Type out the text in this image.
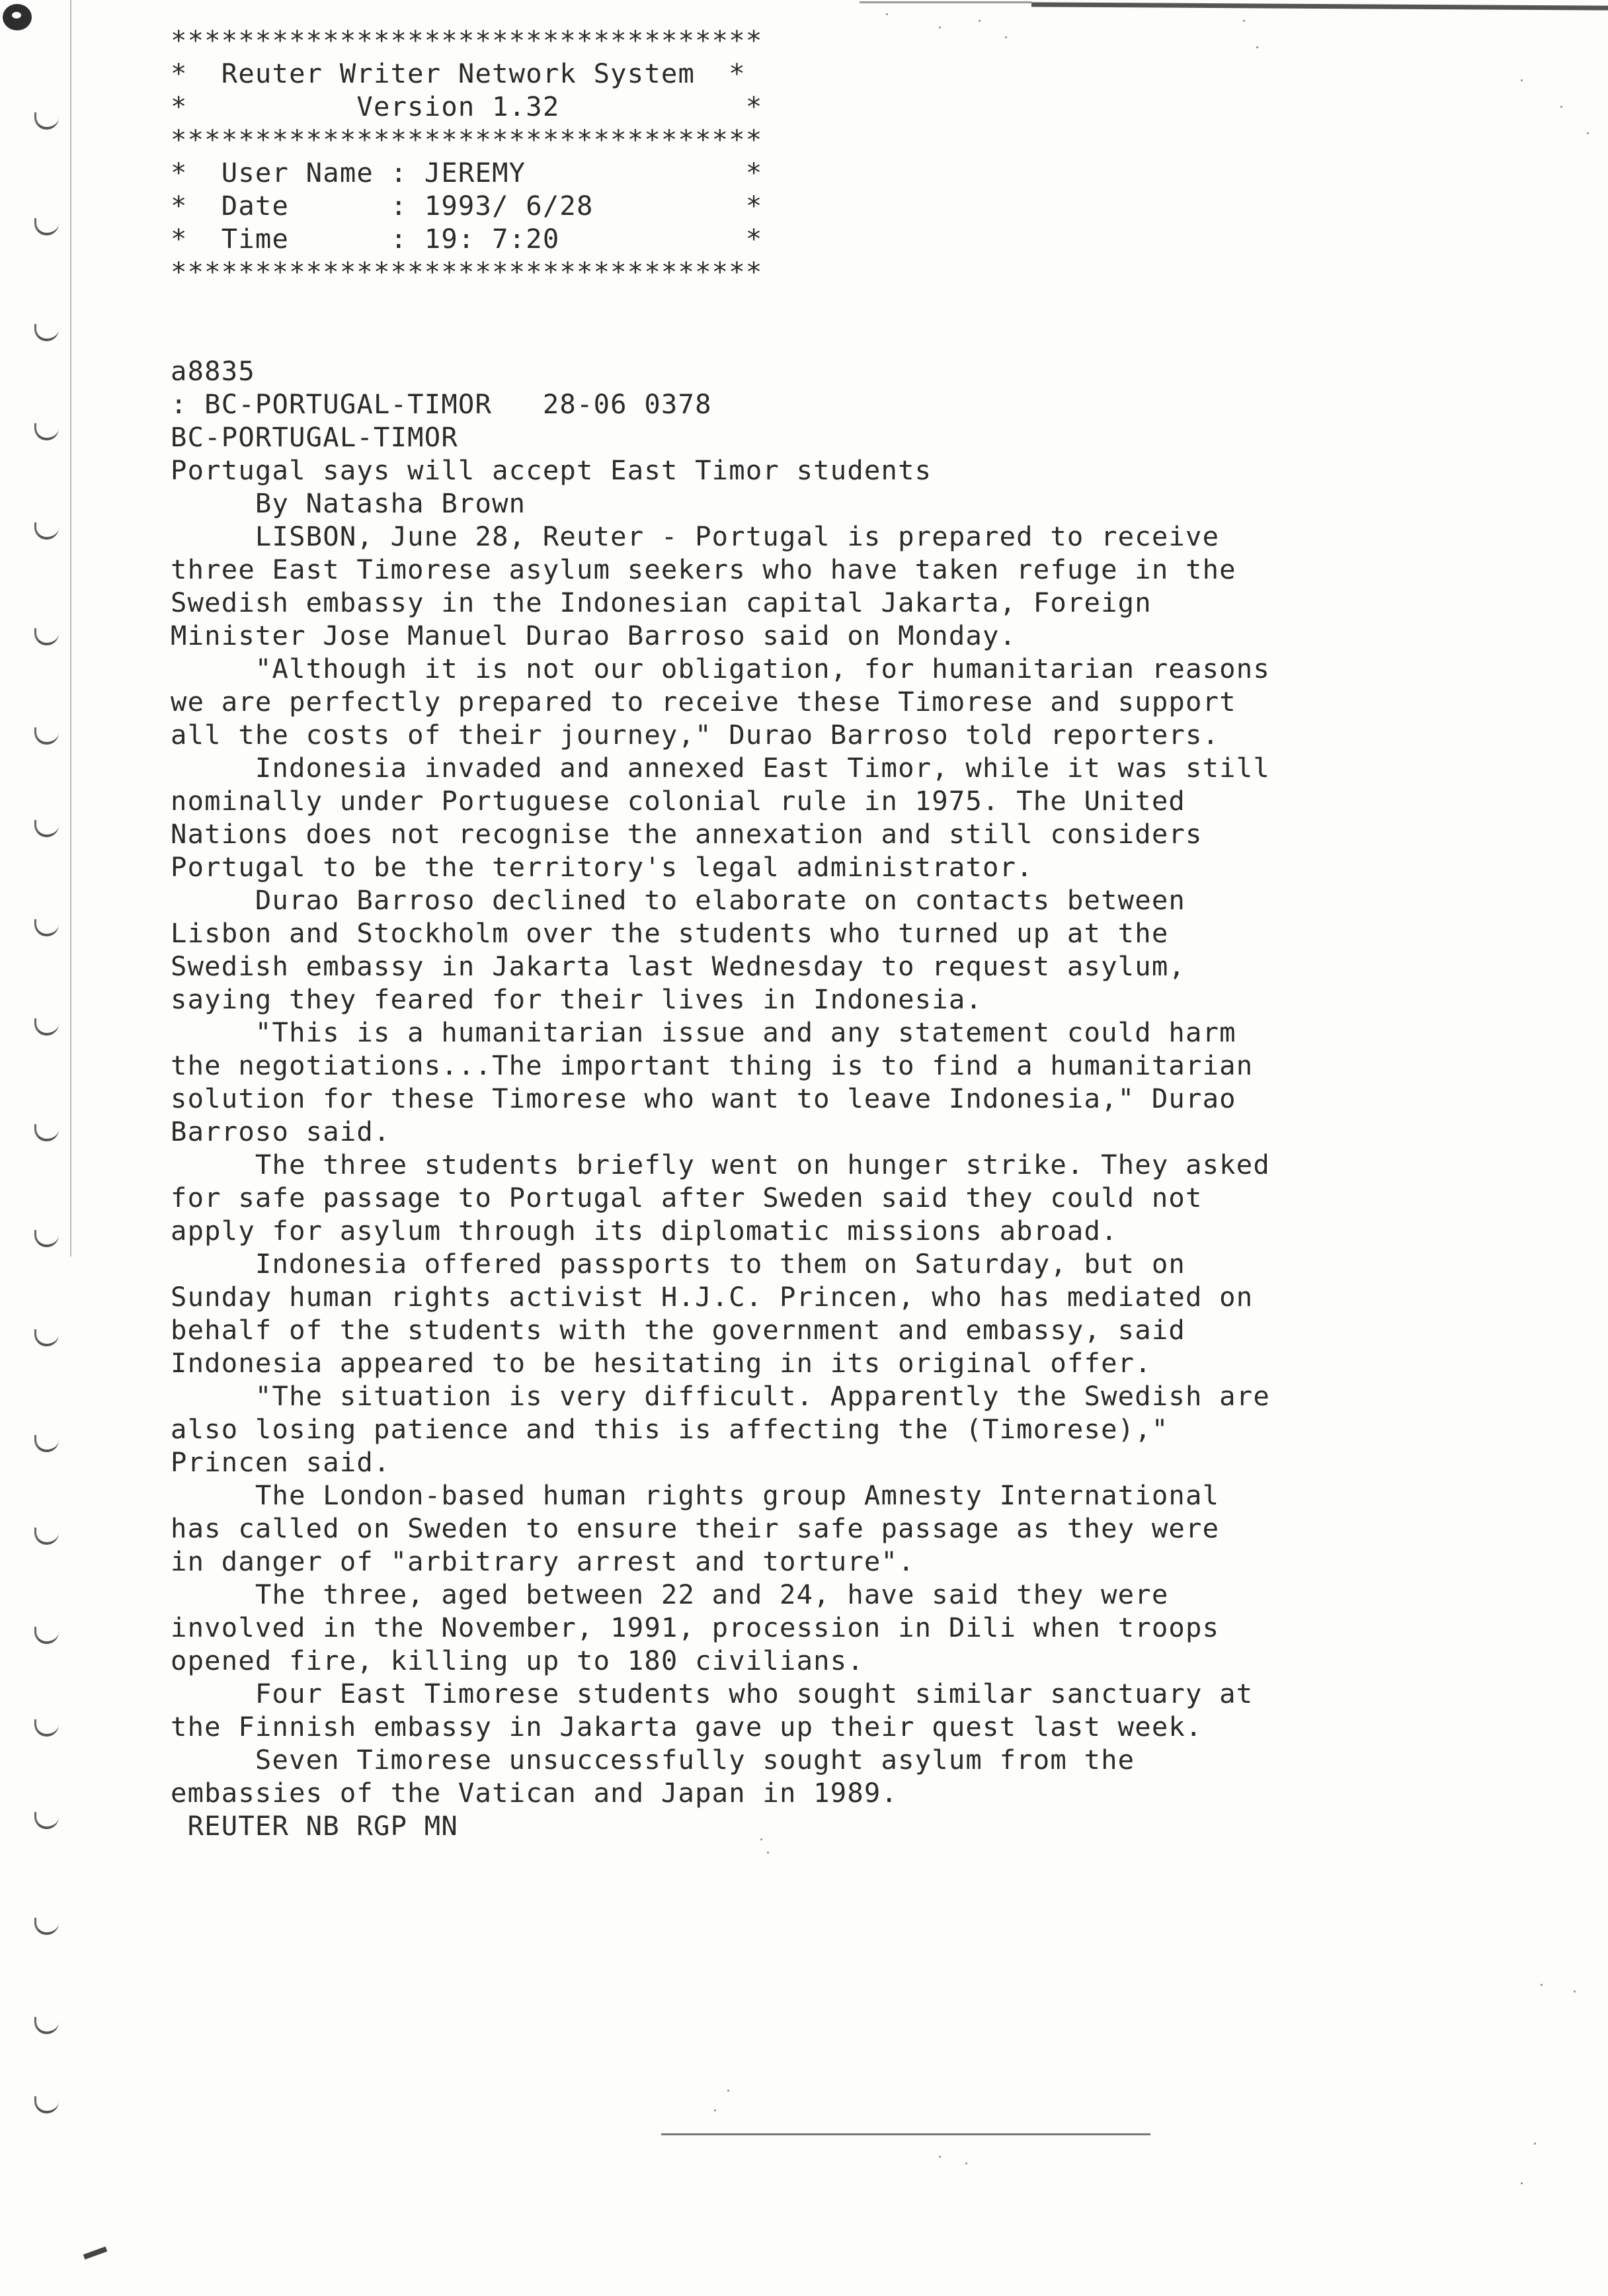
***********************************
*  Reuter Writer Network System  *
*          Version 1.32           *
***********************************
*  User Name : JEREMY             *
*  Date      : 1993/ 6/28         *
*  Time      : 19: 7:20           *
***********************************
a8835
: BC-PORTUGAL-TIMOR   28-06 0378
BC-PORTUGAL-TIMOR
Portugal says will accept East Timor students
By Natasha Brown
LISBON, June 28, Reuter - Portugal is prepared to receive
three East Timorese asylum seekers who have taken refuge in the
Swedish embassy in the Indonesian capital Jakarta, Foreign
Minister Jose Manuel Durao Barroso said on Monday.
"Although it is not our obligation, for humanitarian reasons
we are perfectly prepared to receive these Timorese and support
all the costs of their journey," Durao Barroso told reporters.
Indonesia invaded and annexed East Timor, while it was still
nominally under Portuguese colonial rule in 1975. The United
Nations does not recognise the annexation and still considers
Portugal to be the territory's legal administrator.
Durao Barroso declined to elaborate on contacts between
Lisbon and Stockholm over the students who turned up at the
Swedish embassy in Jakarta last Wednesday to request asylum,
saying they feared for their lives in Indonesia.
"This is a humanitarian issue and any statement could harm
the negotiations...The important thing is to find a humanitarian
solution for these Timorese who want to leave Indonesia," Durao
Barroso said.
The three students briefly went on hunger strike. They asked
for safe passage to Portugal after Sweden said they could not
apply for asylum through its diplomatic missions abroad.
Indonesia offered passports to them on Saturday, but on
Sunday human rights activist H.J.C. Princen, who has mediated on
behalf of the students with the government and embassy, said
Indonesia appeared to be hesitating in its original offer.
"The situation is very difficult. Apparently the Swedish are
also losing patience and this is affecting the (Timorese),"
Princen said.
The London-based human rights group Amnesty International
has called on Sweden to ensure their safe passage as they were
in danger of "arbitrary arrest and torture".
The three, aged between 22 and 24, have said they were
involved in the November, 1991, procession in Dili when troops
opened fire, killing up to 180 civilians.
Four East Timorese students who sought similar sanctuary at
the Finnish embassy in Jakarta gave up their quest last week.
Seven Timorese unsuccessfully sought asylum from the
embassies of the Vatican and Japan in 1989.
REUTER NB RGP MN
